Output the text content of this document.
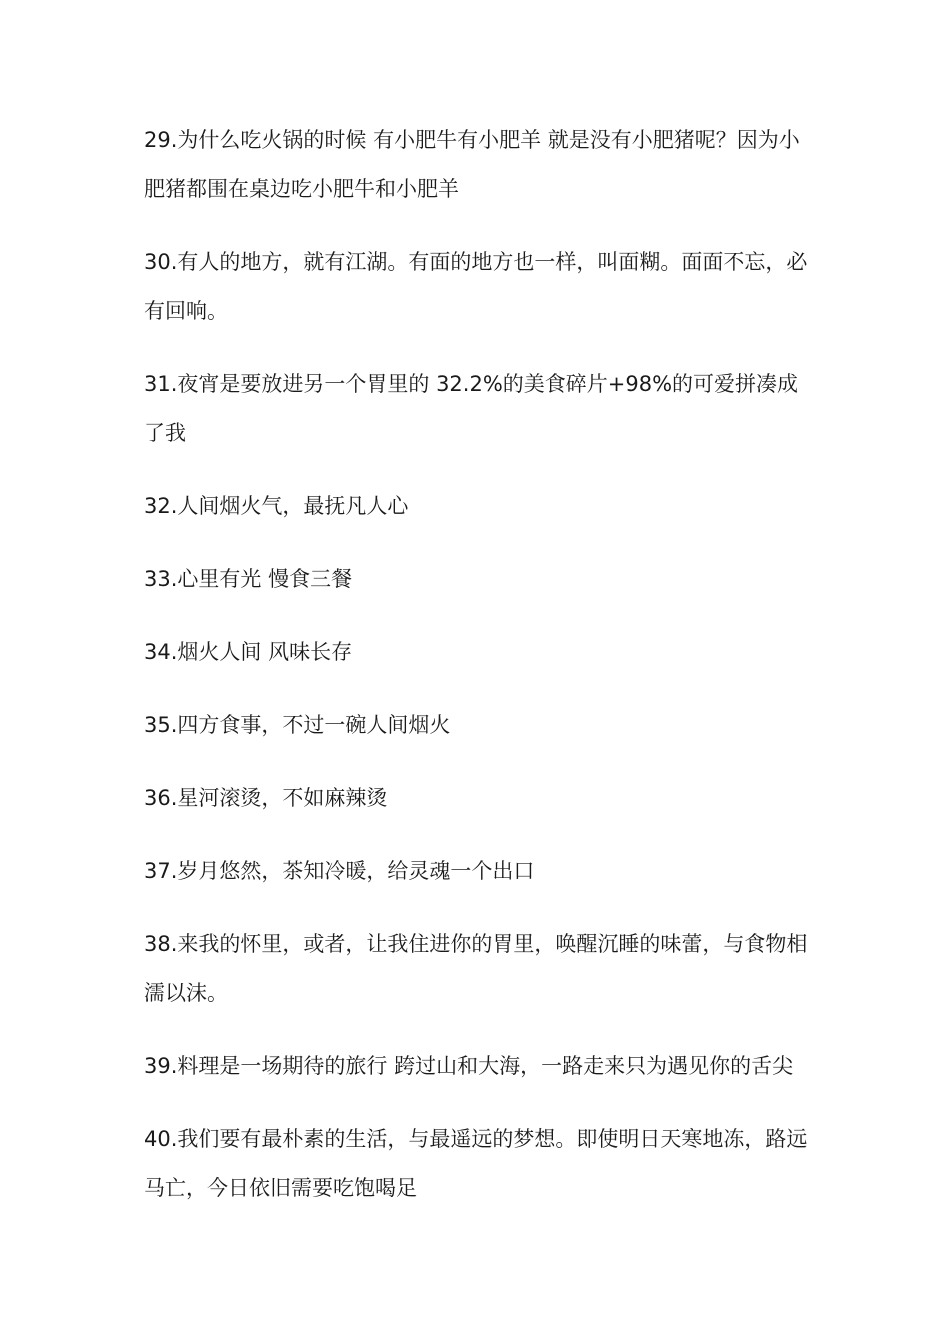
29.为什么吃火锅的时候 有小肥牛有小肥羊 就是没有小肥猪呢？因为小肥猪都围在桌边吃小肥牛和小肥羊

30.有人的地方，就有江湖。有面的地方也一样，叫面糊。面面不忘，必有回响。

31.夜宵是要放进另一个胃里的 32.2%的美食碎片+98%的可爱拼凑成了我

32.人间烟火气，最抚凡人心

33.心里有光 慢食三餐

34.烟火人间 风味长存

35.四方食事，不过一碗人间烟火

36.星河滚烫，不如麻辣烫

37.岁月悠然，茶知冷暖，给灵魂一个出口

38.来我的怀里，或者，让我住进你的胃里，唤醒沉睡的味蕾，与食物相濡以沫。

39.料理是一场期待的旅行 跨过山和大海，一路走来只为遇见你的舌尖

40.我们要有最朴素的生活，与最遥远的梦想。即使明日天寒地冻，路远马亡，今日依旧需要吃饱喝足
